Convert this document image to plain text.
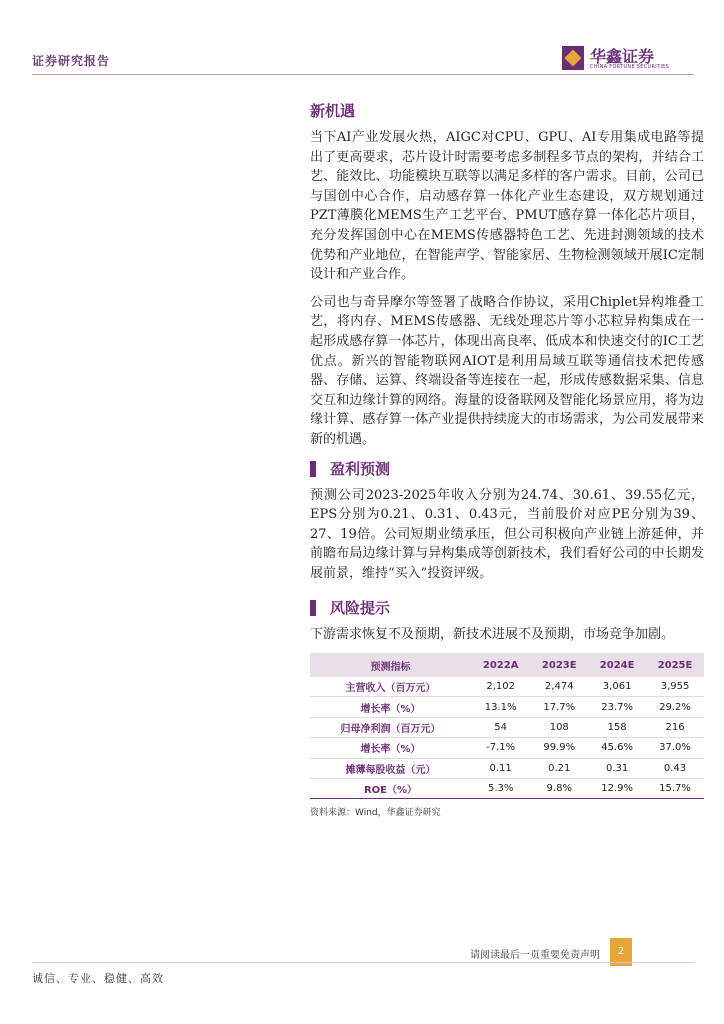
证券研究报告	华鑫证券
CHINA FORTUNE SECURITIES
新机遇

当下AI产业发展火热，AIGC对CPU、GPU、AI专用集成电路等提出了更高要求，芯片设计时需要考虑多制程多节点的架构，并结合工艺、能效比、功能模块互联等以满足多样的客户需求。目前，公司已与国创中心合作，启动感存算一体化产业生态建设，双方规划通过PZT薄膜化MEMS生产工艺平台、PMUT感存算一体化芯片项目，充分发挥国创中心在MEMS传感器特色工艺、先进封测领域的技术优势和产业地位，在智能声学、智能家居、生物检测领域开展IC定制设计和产业合作。

公司也与奇异摩尔等签署了战略合作协议，采用Chiplet异构堆叠工艺，将内存、MEMS传感器、无线处理芯片等小芯粒异构集成在一起形成感存算一体芯片，体现出高良率、低成本和快速交付的IC工艺优点。新兴的智能物联网AIOT是利用局域互联等通信技术把传感器、存储、运算、终端设备等连接在一起，形成传感数据采集、信息交互和边缘计算的网络。海量的设备联网及智能化场景应用，将为边缘计算、感存算一体产业提供持续庞大的市场需求，为公司发展带来新的机遇。

盈利预测

预测公司2023-2025年收入分别为24.74、30.61、39.55亿元，EPS分别为0.21、0.31、0.43元，当前股价对应PE分别为39、27、19倍。公司短期业绩承压，但公司积极向产业链上游延伸，并前瞻布局边缘计算与异构集成等创新技术，我们看好公司的中长期发展前景，维持“买入”投资评级。

风险提示

下游需求恢复不及预期，新技术进展不及预期，市场竞争加剧。

预测指标	2022A	2023E	2024E	2025E
主营收入（百万元）	2,102	2,474	3,061	3,955
增长率（%）	13.1%	17.7%	23.7%	29.2%
归母净利润（百万元）	54	108	158	216
增长率（%）	-7.1%	99.9%	45.6%	37.0%
摊薄每股收益（元）	0.11	0.21	0.31	0.43
ROE（%）	5.3%	9.8%	12.9%	15.7%
资料来源：Wind，华鑫证券研究
请阅读最后一页重要免责声明	2
诚信、专业、稳健、高效
